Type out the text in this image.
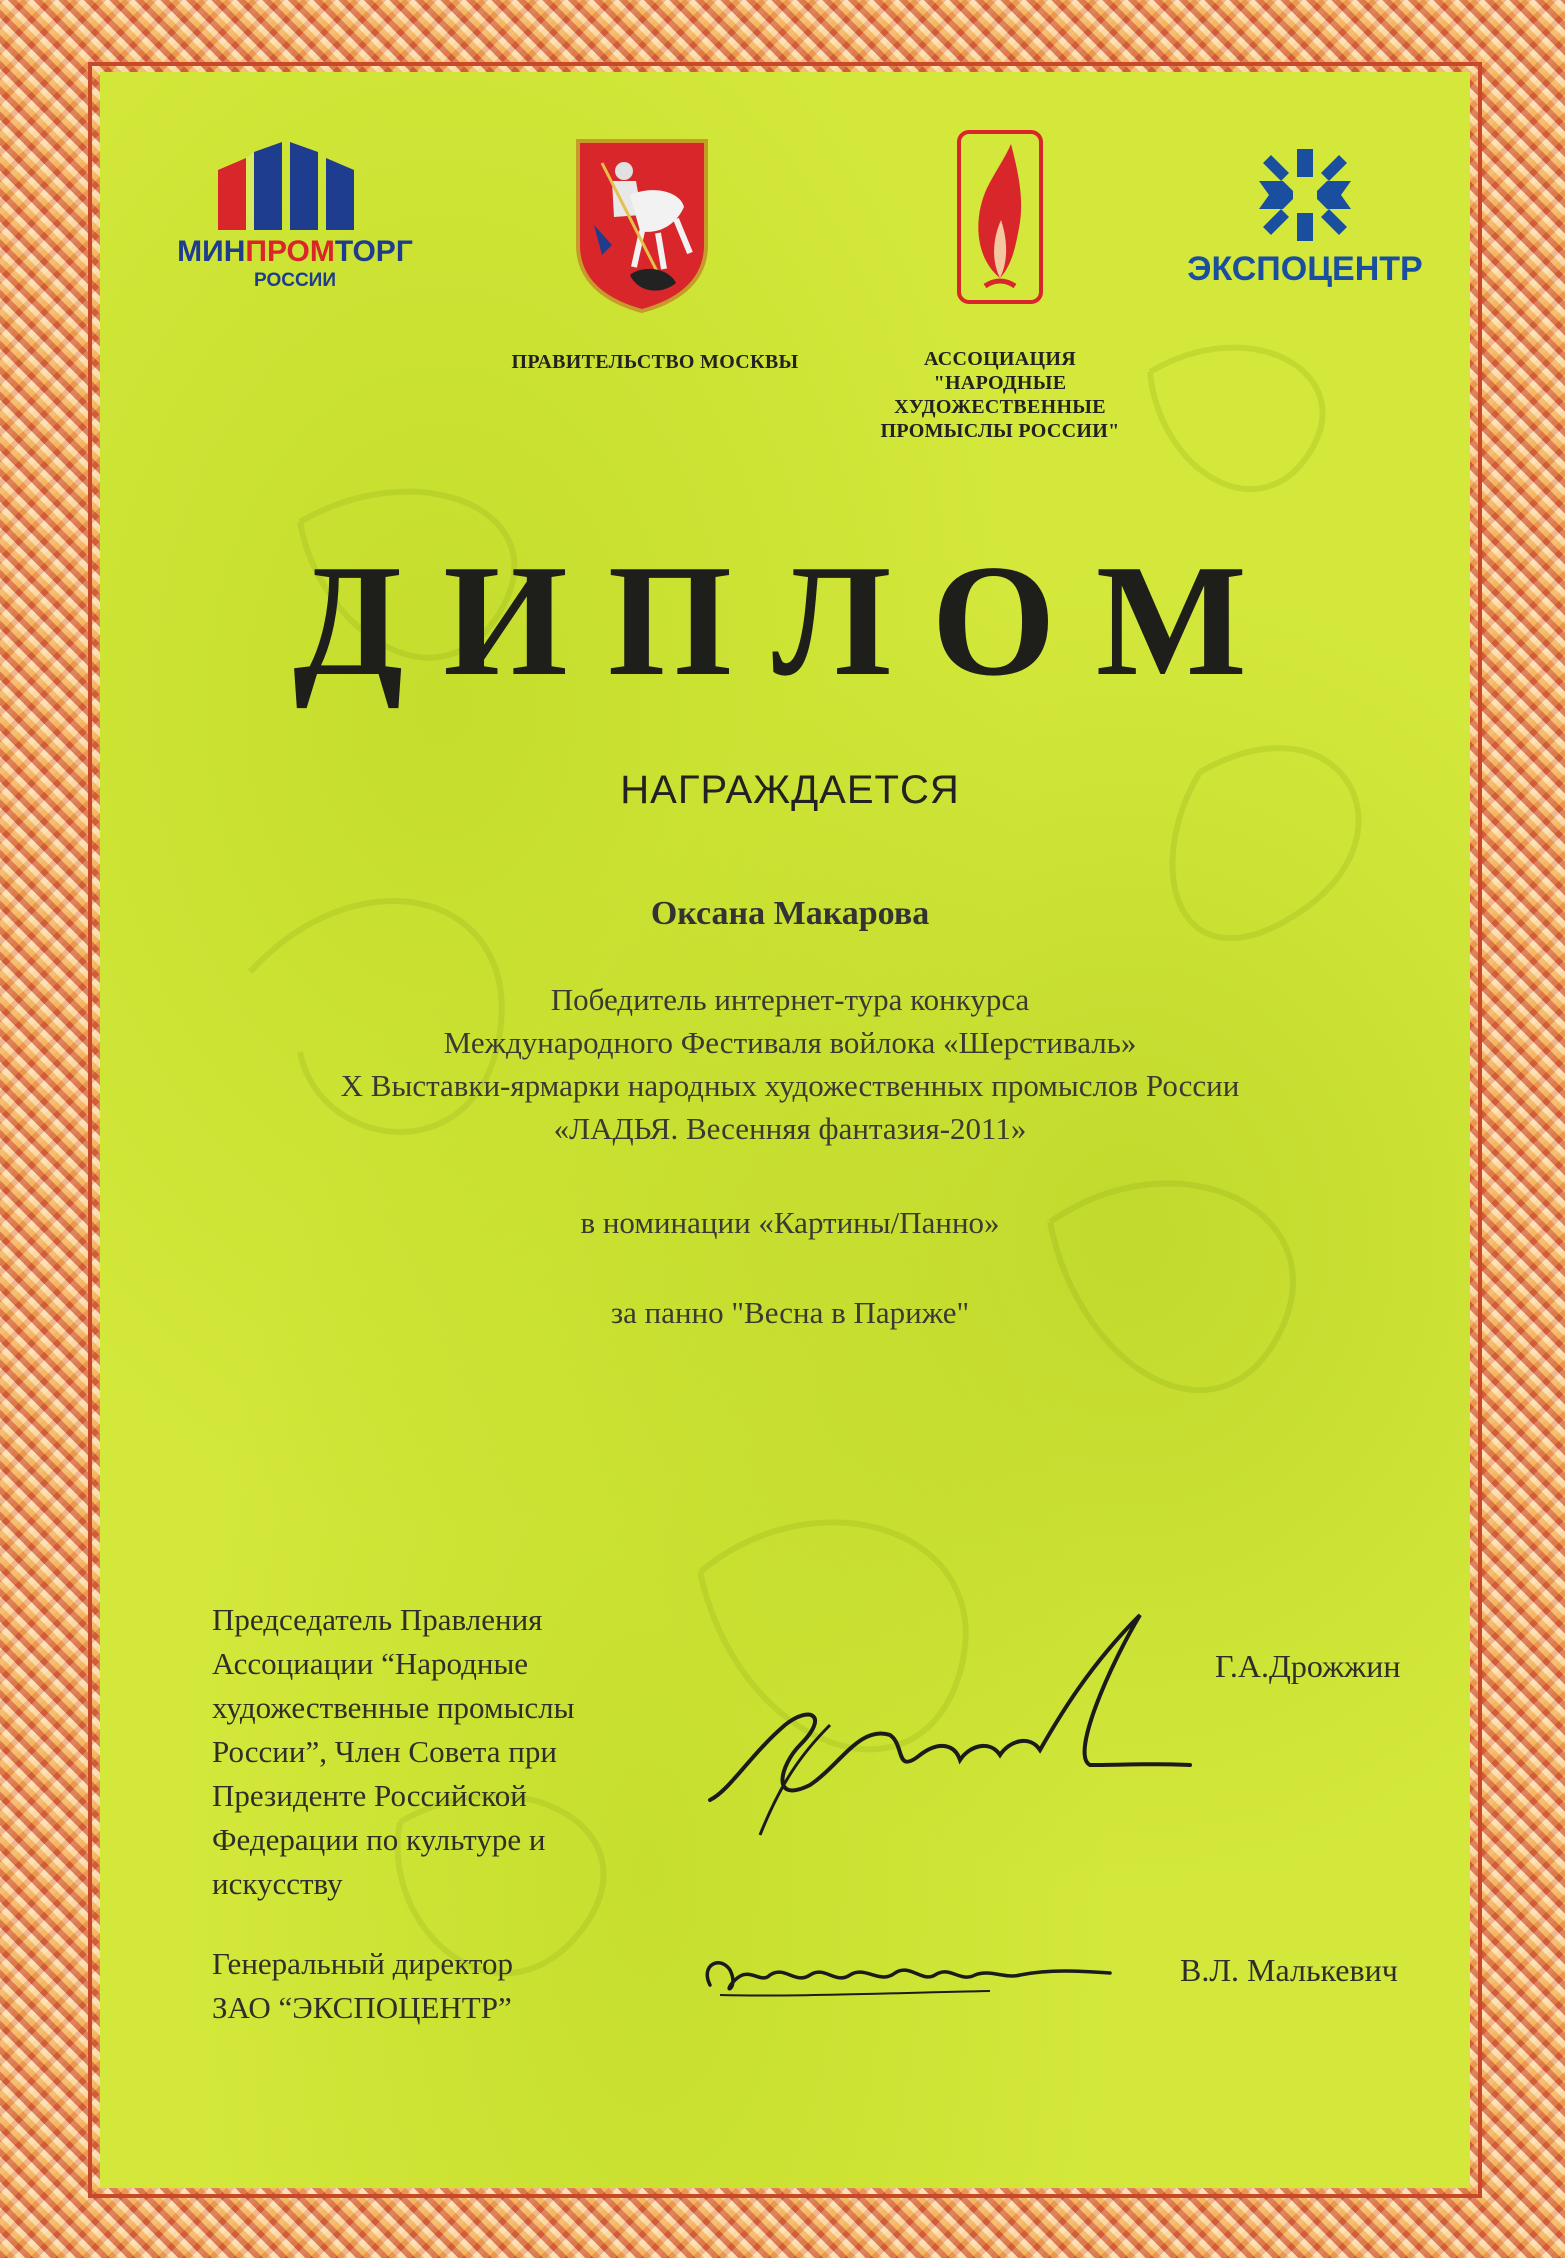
МИНПРОМТОРГ
РОССИИ	ЭКСПОЦЕНТР
ПРАВИТЕЛЬСТВО МОСКВЫ	АССОЦИАЦИЯ
"НАРОДНЫЕ
ХУДОЖЕСТВЕННЫЕ
ПРОМЫСЛЫ РОССИИ"
ДИПЛОМ
НАГРАЖДАЕТСЯ
Оксана Макарова
Победитель интернет-тура конкурса
Международного Фестиваля войлока «Шерстиваль»
X Выставки-ярмарки народных художественных промыслов России
«ЛАДЬЯ. Весенняя фантазия-2011»
в номинации «Картины/Панно»
за панно "Весна в Париже"
Председатель Правления
Ассоциации “Народные
художественные промыслы
России”, Член Совета при
Президенте Российской
Федерации по культуре и
искусству
Г.А.Дрожжин
Генеральный директор
ЗАО “ЭКСПОЦЕНТР”
В.Л. Малькевич
